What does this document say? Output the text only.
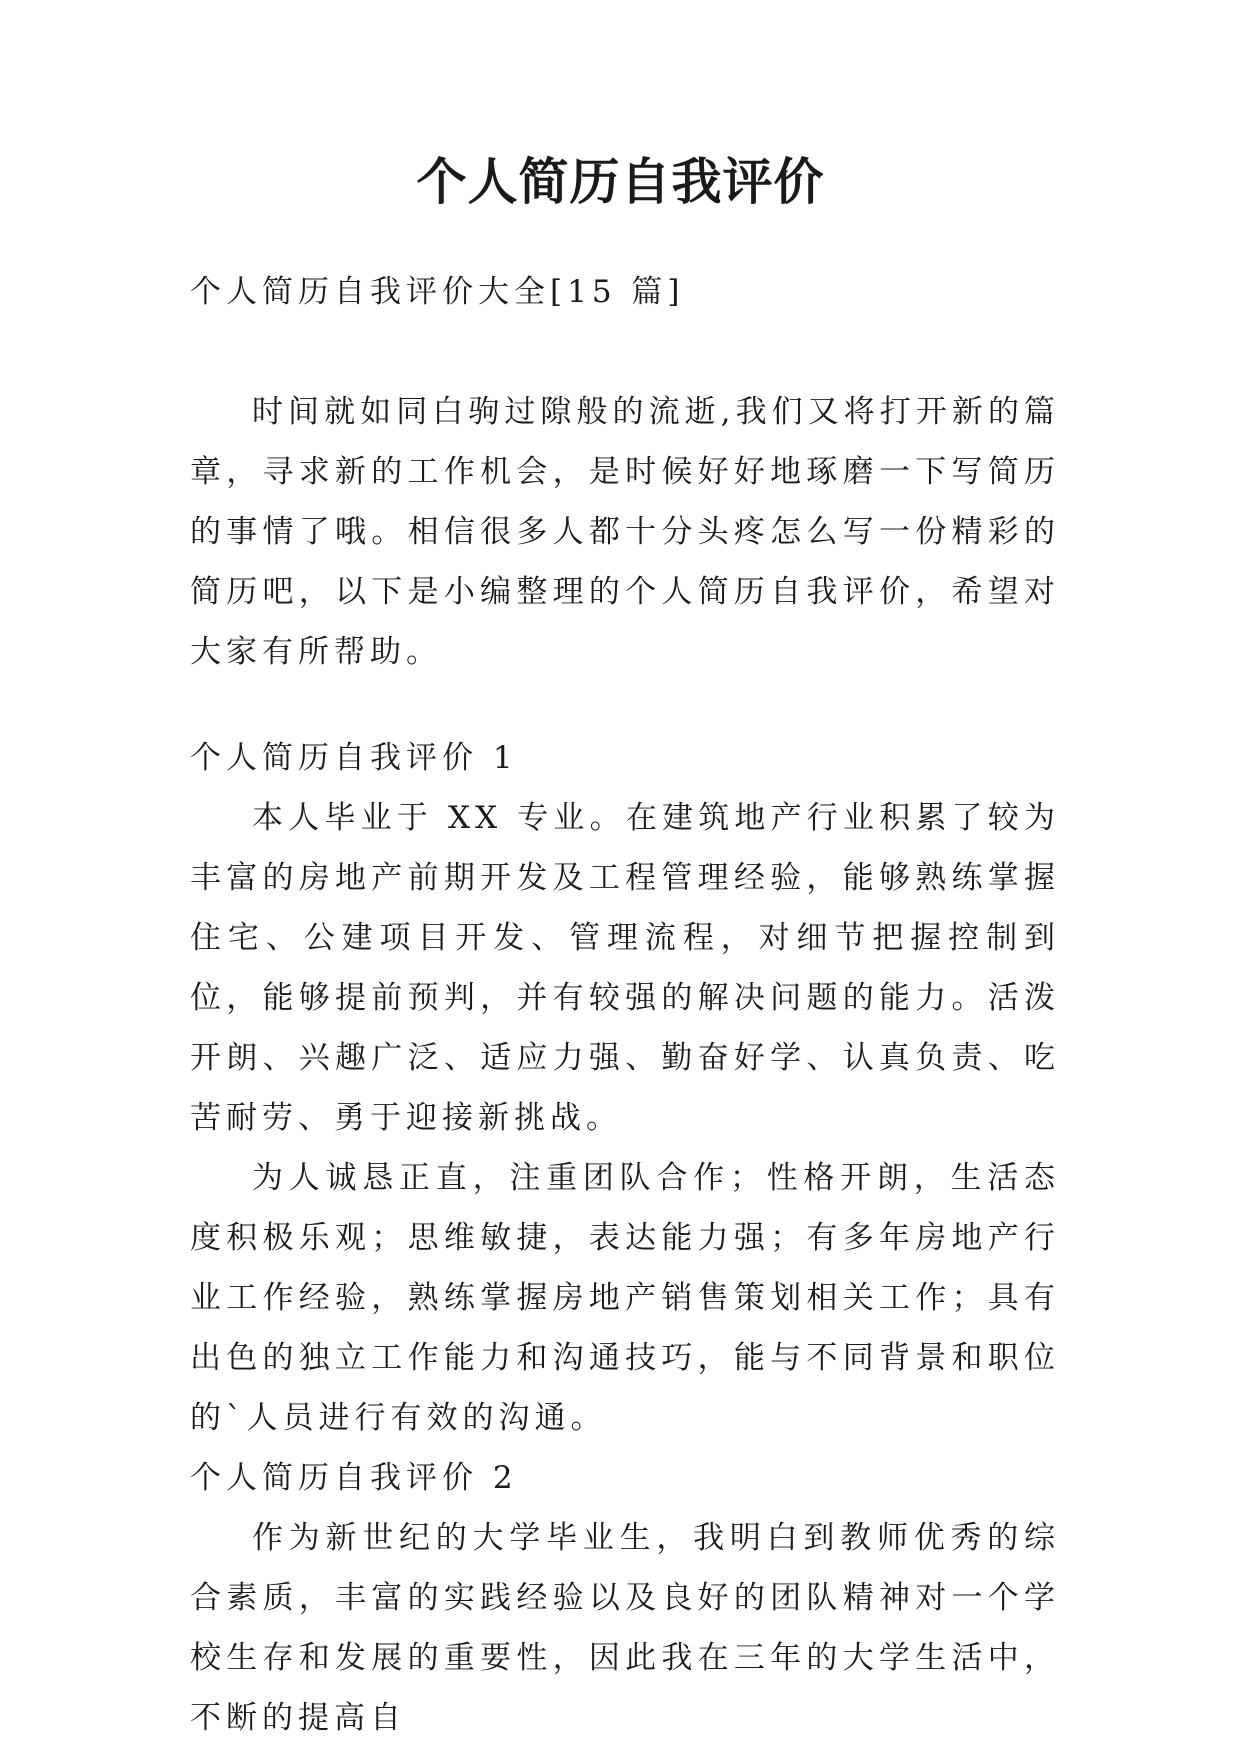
个人简历自我评价

个人简历自我评价大全[15 篇]

时间就如同白驹过隙般的流逝,我们又将打开新的篇章，寻求新的工作机会，是时候好好地琢磨一下写简历的事情了哦。相信很多人都十分头疼怎么写一份精彩的简历吧，以下是小编整理的个人简历自我评价，希望对大家有所帮助。

个人简历自我评价 1

本人毕业于 XX 专业。在建筑地产行业积累了较为丰富的房地产前期开发及工程管理经验，能够熟练掌握住宅、公建项目开发、管理流程，对细节把握控制到位，能够提前预判，并有较强的解决问题的能力。活泼开朗、兴趣广泛、适应力强、勤奋好学、认真负责、吃苦耐劳、勇于迎接新挑战。

为人诚恳正直，注重团队合作；性格开朗，生活态度积极乐观；思维敏捷，表达能力强；有多年房地产行业工作经验，熟练掌握房地产销售策划相关工作；具有出色的独立工作能力和沟通技巧，能与不同背景和职位的`人员进行有效的沟通。

个人简历自我评价 2

作为新世纪的大学毕业生，我明白到教师优秀的综合素质，丰富的实践经验以及良好的团队精神对一个学校生存和发展的重要性，因此我在三年的大学生活中，不断的提高自
